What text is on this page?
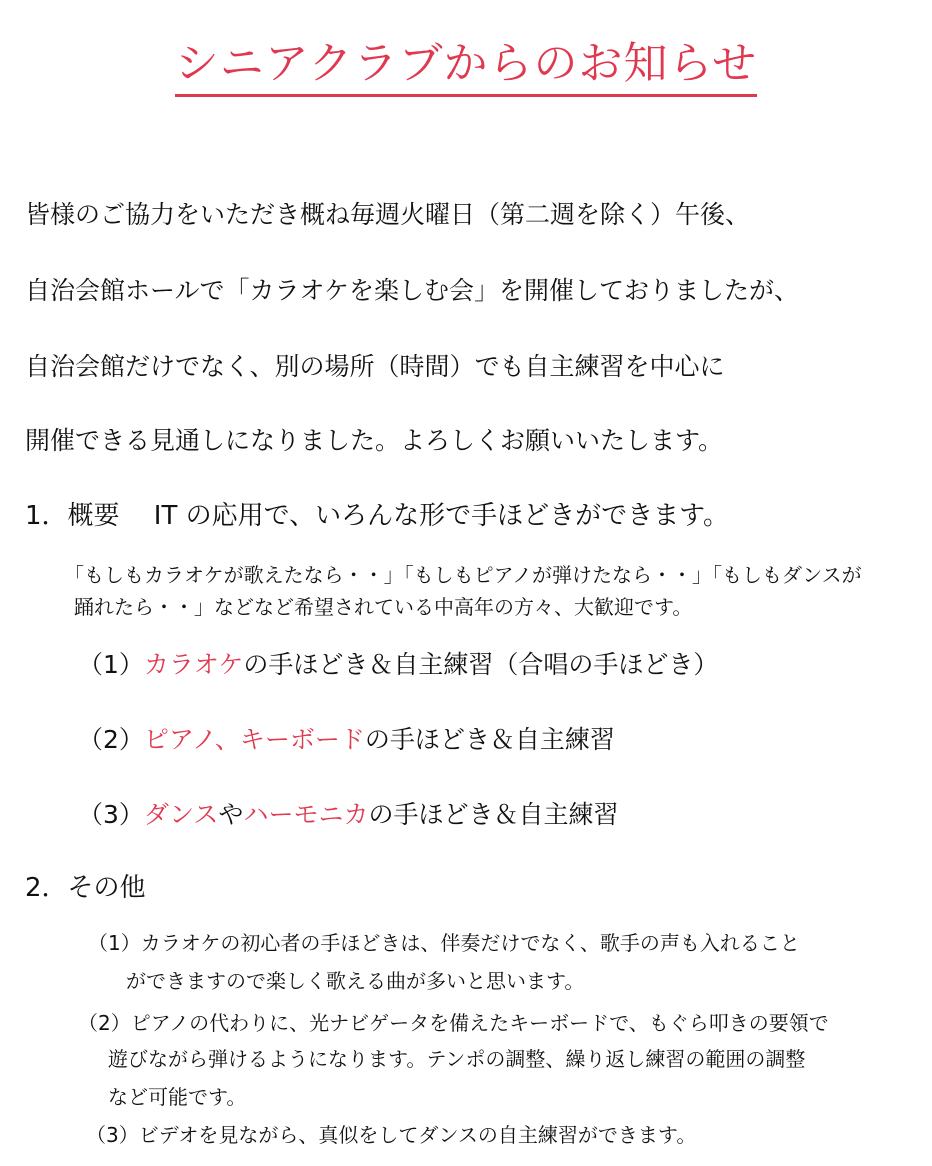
シニアクラブからのお知らせ
皆様のご協力をいただき概ね毎週火曜日（第二週を除く）午後、
自治会館ホールで「カラオケを楽しむ会」を開催しておりましたが、
自治会館だけでなく、別の場所（時間）でも自主練習を中心に
開催できる見通しになりました。よろしくお願いいたします。
1．概要　 IT の応用で、いろんな形で手ほどきができます。
「もしもカラオケが歌えたなら・・」「もしもピアノが弾けたなら・・」「もしもダンスが
踊れたら・・」などなど希望されている中高年の方々、大歓迎です。
（1）カラオケの手ほどき＆自主練習（合唱の手ほどき）
（2）ピアノ、キーボードの手ほどき＆自主練習
（3）ダンスやハーモニカの手ほどき＆自主練習
2．その他
（1）カラオケの初心者の手ほどきは、伴奏だけでなく、歌手の声も入れること
ができますので楽しく歌える曲が多いと思います。
（2）ピアノの代わりに、光ナビゲータを備えたキーボードで、もぐら叩きの要領で
遊びながら弾けるようになります。テンポの調整、繰り返し練習の範囲の調整
など可能です。
（3）ビデオを見ながら、真似をしてダンスの自主練習ができます。
